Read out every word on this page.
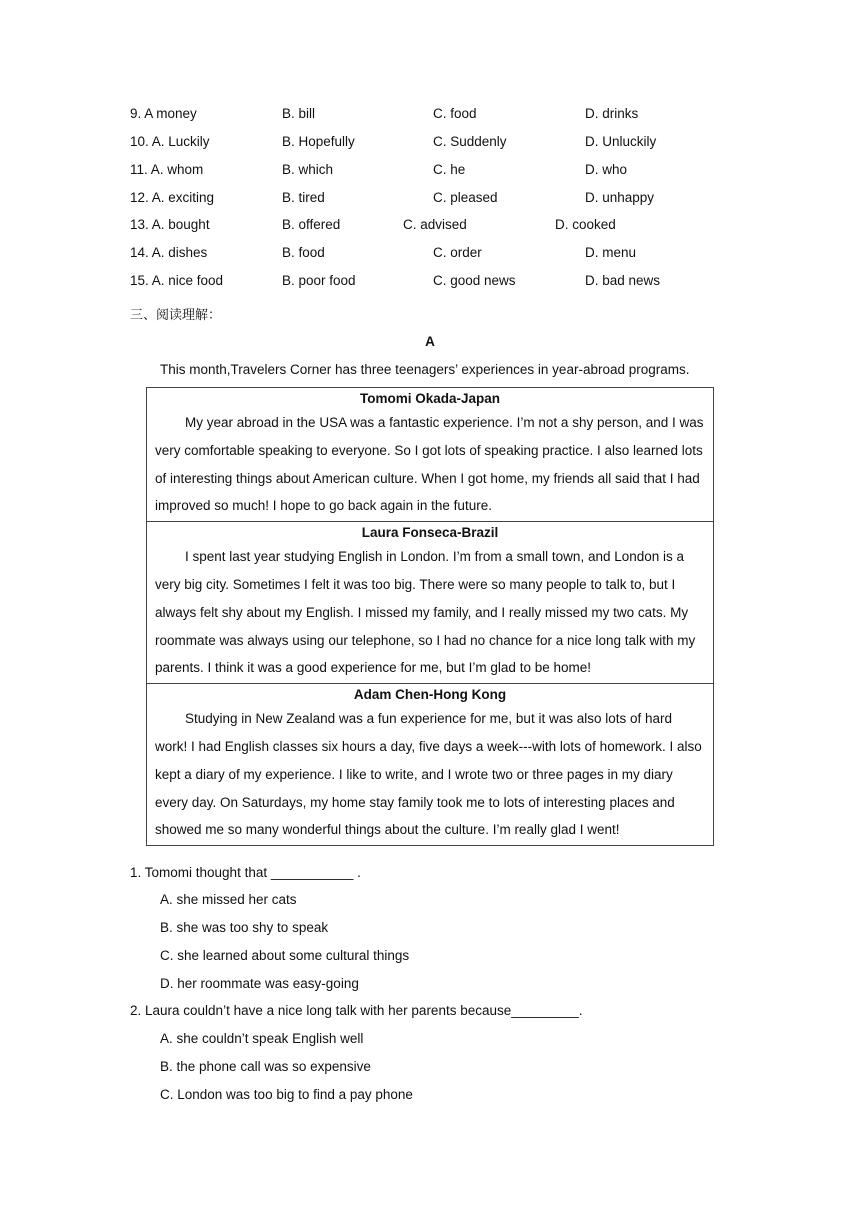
9. A money	B. bill	C. food	D. drinks
10. A. Luckily	B. Hopefully	C. Suddenly	D. Unluckily
11. A. whom	B. which	C. he	D. who
12. A. exciting	B. tired	C. pleased	D. unhappy
13. A. bought	B. offered	C. advised	D. cooked
14. A. dishes	B. food	C. order	D. menu
15. A. nice food	B. poor food	C. good news	D. bad news
三、阅读理解：
A
This month,Travelers Corner has three teenagers’ experiences in year-abroad programs.
Tomomi Okada-Japan

My year abroad in the USA was a fantastic experience. I’m not a shy person, and I was very comfortable speaking to everyone. So I got lots of speaking practice. I also learned lots of interesting things about American culture. When I got home, my friends all said that I had improved so much! I hope to go back again in the future.

Laura Fonseca-Brazil

I spent last year studying English in London. I’m from a small town, and London is a very big city. Sometimes I felt it was too big. There were so many people to talk to, but I always felt shy about my English. I missed my family, and I really missed my two cats. My roommate was always using our telephone, so I had no chance for a nice long talk with my parents. I think it was a good experience for me, but I’m glad to be home!

Adam Chen-Hong Kong

Studying in New Zealand was a fun experience for me, but it was also lots of hard work! I had English classes six hours a day, five days a week---with lots of homework. I also kept a diary of my experience. I like to write, and I wrote two or three pages in my diary every day. On Saturdays, my home stay family took me to lots of interesting places and showed me so many wonderful things about the culture. I’m really glad I went!

1. Tomomi thought that ___________ .
A. she missed her cats
B. she was too shy to speak
C. she learned about some cultural things
D. her roommate was easy-going
2. Laura couldn’t have a nice long talk with her parents because_________.
A. she couldn’t speak English well
B. the phone call was so expensive
C. London was too big to find a pay phone
